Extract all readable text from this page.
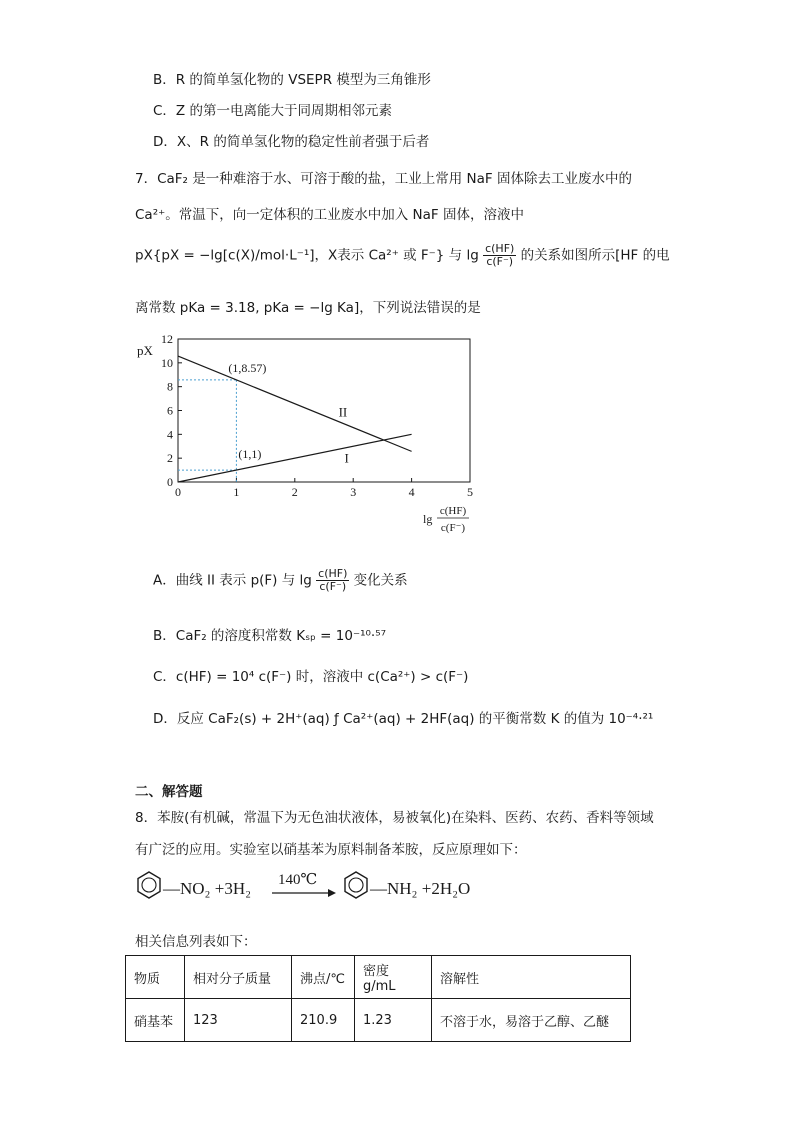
B．R 的简单氢化物的 VSEPR 模型为三角锥形
C．Z 的第一电离能大于同周期相邻元素
D．X、R 的简单氢化物的稳定性前者强于后者
7．CaF₂ 是一种难溶于水、可溶于酸的盐，工业上常用 NaF 固体除去工业废水中的
Ca²⁺。常温下，向一定体积的工业废水中加入 NaF 固体，溶液中
pX{pX = −lg[c(X)/mol·L⁻¹]，X表示 Ca²⁺ 或 F⁻} 与 $\lg \frac{c(HF)}{c(F^-)}$ 的关系如图所示[HF 的电
离常数 pKa = 3.18, pKa = −lg Ka]，下列说法错误的是
0	1	2	3	4	5
0
2
4
6
8
10
12
pX
lg
c(HF)
c(F⁻)
I
II
(1,8.57)
(1,1)
A．曲线 II 表示 p(F) 与 $\lg \frac{c(HF)}{c(F^-)}$ 变化关系
B．CaF₂ 的溶度积常数 Kₛₚ = 10⁻¹⁰·⁵⁷
C．c(HF) = 10⁴ c(F⁻) 时，溶液中 c(Ca²⁺) > c(F⁻)
D．反应 CaF₂(s) + 2H⁺(aq) ƒ Ca²⁺(aq) + 2HF(aq) 的平衡常数 K 的值为 10⁻⁴·²¹
二、解答题
8．苯胺(有机碱，常温下为无色油状液体，易被氧化)在染料、医药、农药、香料等领域
有广泛的应用。实验室以硝基苯为原料制备苯胺，反应原理如下：
—NO₂ +3H₂ 140℃	—NH₂ +2H₂O
相关信息列表如下：
物质	相对分子质量	沸点/℃	密度 g/mL	溶解性
硝基苯	123	210.9	1.23	不溶于水，易溶于乙醇、乙醚
